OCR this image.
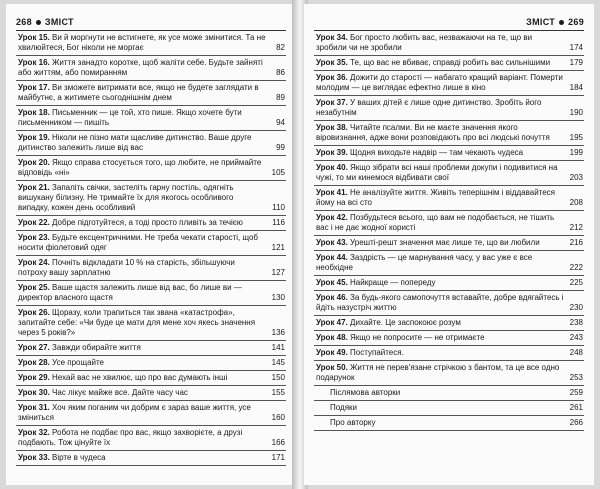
268 ЗМІСТ
Урок 15. Ви й моргнути не встигнете, як усе може змінитися. Та не хвилюйтеся, Бог ніколи не моргає	82
Урок 16. Життя занадто коротке, щоб жаліти себе. Будьте зайняті або життям, або помиранням	86
Урок 17. Ви зможете витримати все, якщо не будете заглядати в майбутнє, а житимете сьогоднішнім днем	89
Урок 18. Письменник — це той, хто пише. Якщо хочете бути письменником — пишіть	94
Урок 19. Ніколи не пізно мати щасливе дитинство. Ваше друге дитинство залежить лише від вас	99
Урок 20. Якщо справа стосується того, що любите, не приймайте відповідь «ні»	105
Урок 21. Запаліть свічки, застеліть гарну постіль, одягніть вишукану білизну. Не тримайте їх для якогось особливого випадку, кожен день особливий	110
Урок 22. Добре підготуйтеся, а тоді просто пливіть за течією	116
Урок 23. Будьте ексцентричними. Не треба чекати старості, щоб носити фіолетовий одяг	121
Урок 24. Почніть відкладати 10 % на старість, збільшуючи потроху вашу зарплатню	127
Урок 25. Ваше щастя залежить лише від вас, бо лише ви — директор власного щастя	130
Урок 26. Щоразу, коли трапиться так звана «катастрофа», запитайте себе: «Чи буде це мати для мене хоч якесь значення через 5 років?»	136
Урок 27. Завжди обирайте життя	141
Урок 28. Усе прощайте	145
Урок 29. Нехай вас не хвилює, що про вас думають інші	150
Урок 30. Час лікує майже все. Дайте часу час	155
Урок 31. Хоч яким поганим чи добрим є зараз ваше життя, усе зміниться	160
Урок 32. Робота не подбає про вас, якщо захворієте, а друзі подбають. Тож цінуйте їх	166
Урок 33. Вірте в чудеса	171
ЗМІСТ 269
Урок 34. Бог просто любить вас, незважаючи на те, що ви зробили чи не зробили	174
Урок 35. Те, що вас не вбиває, справді робить вас сильнішими 179
Урок 36. Дожити до старості — набагато кращий варіант. Померти молодим — це виглядає ефектно лише в кіно	184
Урок 37. У ваших дітей є лише одне дитинство. Зробіть його незабутнім	190
Урок 38. Читайте псалми. Ви не маєте значення якого віровизнання, адже вони розповідають про всі людські почуття 195
Урок 39. Щодня виходьте надвір — там чекають чудеса	199
Урок 40. Якщо зібрати всі наші проблеми докупи і подивитися на чужі, то ми кинемося відбивати свої	203
Урок 41. Не аналізуйте життя. Живіть теперішнім і віддавайтеся йому на всі сто	208
Урок 42. Позбудьтеся всього, що вам не подобається, не тішить вас і не дає жодної користі	212
Урок 43. Урешті-решт значення має лише те, що ви любили	216
Урок 44. Заздрість — це марнування часу, у вас уже є все необхідне	222
Урок 45. Найкраще — попереду	225
Урок 46. За будь-якого самопочуття вставайте, добре вдягайтесь і йдіть назустріч життю	230
Урок 47. Дихайте. Це заспокоює розум	238
Урок 48. Якщо не попросите — не отримаєте	243
Урок 49. Поступайтеся.	248
Урок 50. Життя не перев'язане стрічкою з бантом, та це все одно подарунок	253
Післямова авторки	259
Подяки	261
Про авторку	266
